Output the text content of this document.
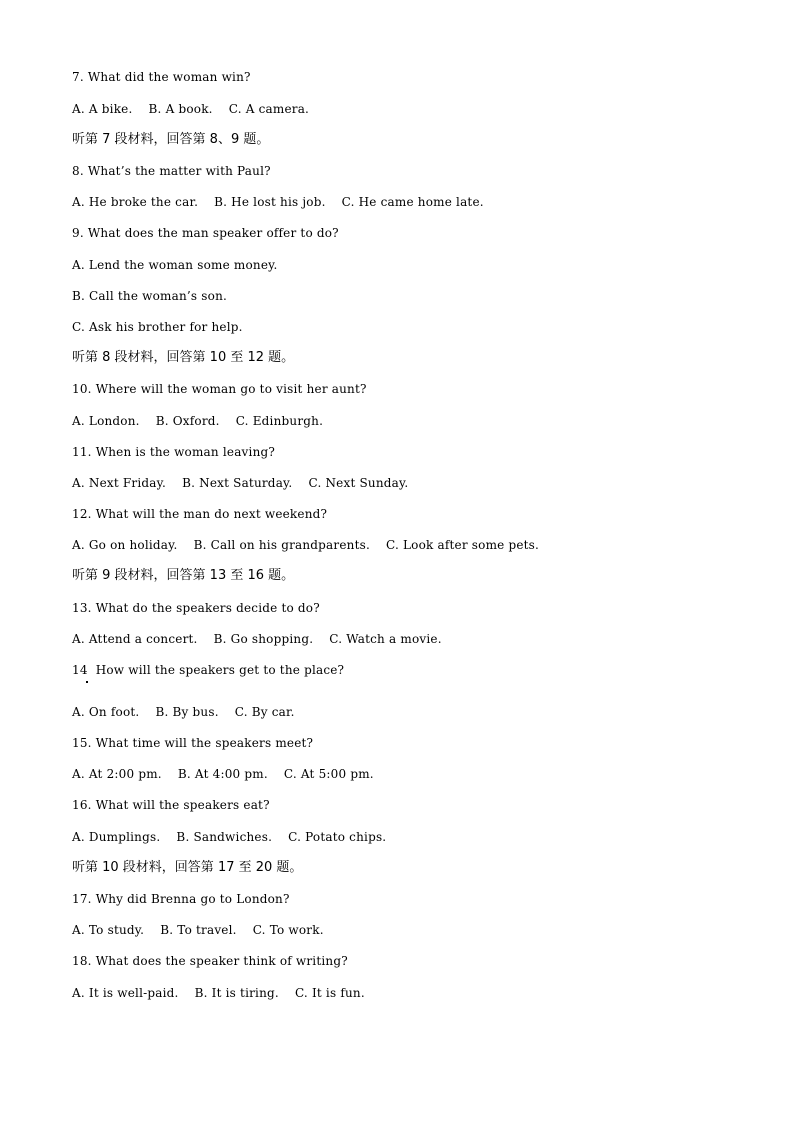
7. What did the woman win?
A. A bike.    B. A book.    C. A camera.
听第 7 段材料，回答第 8、9 题。
8. What’s the matter with Paul?
A. He broke the car.    B. He lost his job.    C. He came home late.
9. What does the man speaker offer to do?
A. Lend the woman some money.
B. Call the woman’s son.
C. Ask his brother for help.
听第 8 段材料，回答第 10 至 12 题。
10. Where will the woman go to visit her aunt?
A. London.    B. Oxford.    C. Edinburgh.
11. When is the woman leaving?
A. Next Friday.    B. Next Saturday.    C. Next Sunday.
12. What will the man do next weekend?
A. Go on holiday.    B. Call on his grandparents.    C. Look after some pets.
听第 9 段材料，回答第 13 至 16 题。
13. What do the speakers decide to do?
A. Attend a concert.    B. Go shopping.    C. Watch a movie.
14  How will the speakers get to the place?
A. On foot.    B. By bus.    C. By car.
15. What time will the speakers meet?
A. At 2:00 pm.    B. At 4:00 pm.    C. At 5:00 pm.
16. What will the speakers eat?
A. Dumplings.    B. Sandwiches.    C. Potato chips.
听第 10 段材料，回答第 17 至 20 题。
17. Why did Brenna go to London?
A. To study.    B. To travel.    C. To work.
18. What does the speaker think of writing?
A. It is well-paid.    B. It is tiring.    C. It is fun.
